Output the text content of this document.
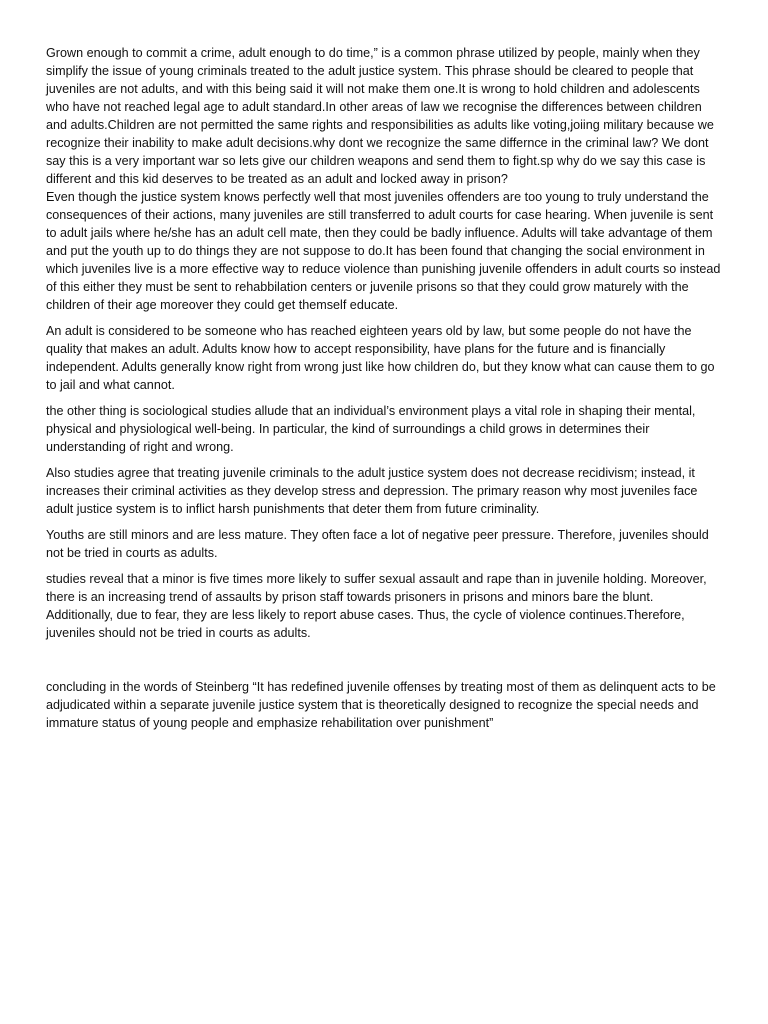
Grown enough to commit a crime, adult enough to do time,” is a common phrase utilized by people, mainly when they simplify the issue of young criminals treated to the adult justice system. This phrase should be cleared to people that juveniles are not adults, and with this being said it will not make them one.It is wrong to hold children and adolescents who have not reached legal age to adult standard.In other areas of law we recognise the differences between children and adults.Children are not permitted the same rights and responsibilities as adults like voting,joiing military because we recognize their inability to make adult decisions.why dont we recognize the same differnce in the criminal law? We dont say this is a very important war so lets give our children weapons and send them to fight.sp why do we say this case is different and this kid deserves to be treated as an adult and locked away in prison?

Even though the justice system knows perfectly well that most juveniles offenders are too young to truly understand the consequences of their actions, many juveniles are still transferred to adult courts for case hearing. When juvenile is sent to adult jails where he/she has an adult cell mate, then they could be badly influence. Adults will take advantage of them and put the youth up to do things they are not suppose to do.It has been found that changing the social environment in which juveniles live is a more effective way to reduce violence than punishing juvenile offenders in adult courts so instead of this either they must be sent to rehabbilation centers or juvenile prisons so that they could grow maturely with the children of their age moreover they could get themself educate.

An adult is considered to be someone who has reached eighteen years old by law, but some people do not have the quality that makes an adult. Adults know how to accept responsibility, have plans for the future and is financially independent. Adults generally know right from wrong just like how children do, but they know what can cause them to go to jail and what cannot.

the other thing is sociological studies allude that an individual’s environment plays a vital role in shaping their mental, physical and physiological well-being. In particular, the kind of surroundings a child grows in determines their understanding of right and wrong.

Also studies agree that treating juvenile criminals to the adult justice system does not decrease recidivism; instead, it increases their criminal activities as they develop stress and depression. The primary reason why most juveniles face adult justice system is to inflict harsh punishments that deter them from future criminality.

Youths are still minors and are less mature. They often face a lot of negative peer pressure. Therefore, juveniles should not be tried in courts as adults.

studies reveal that a minor is five times more likely to suffer sexual assault and rape than in juvenile holding. Moreover, there is an increasing trend of assaults by prison staff towards prisoners in prisons and minors bare the blunt. Additionally, due to fear, they are less likely to report abuse cases. Thus, the cycle of violence continues.Therefore, juveniles should not be tried in courts as adults.

concluding in the words of Steinberg “It has redefined juvenile offenses by treating most of them as delinquent acts to be adjudicated within a separate juvenile justice system that is theoretically designed to recognize the special needs and immature status of young people and emphasize rehabilitation over punishment”
